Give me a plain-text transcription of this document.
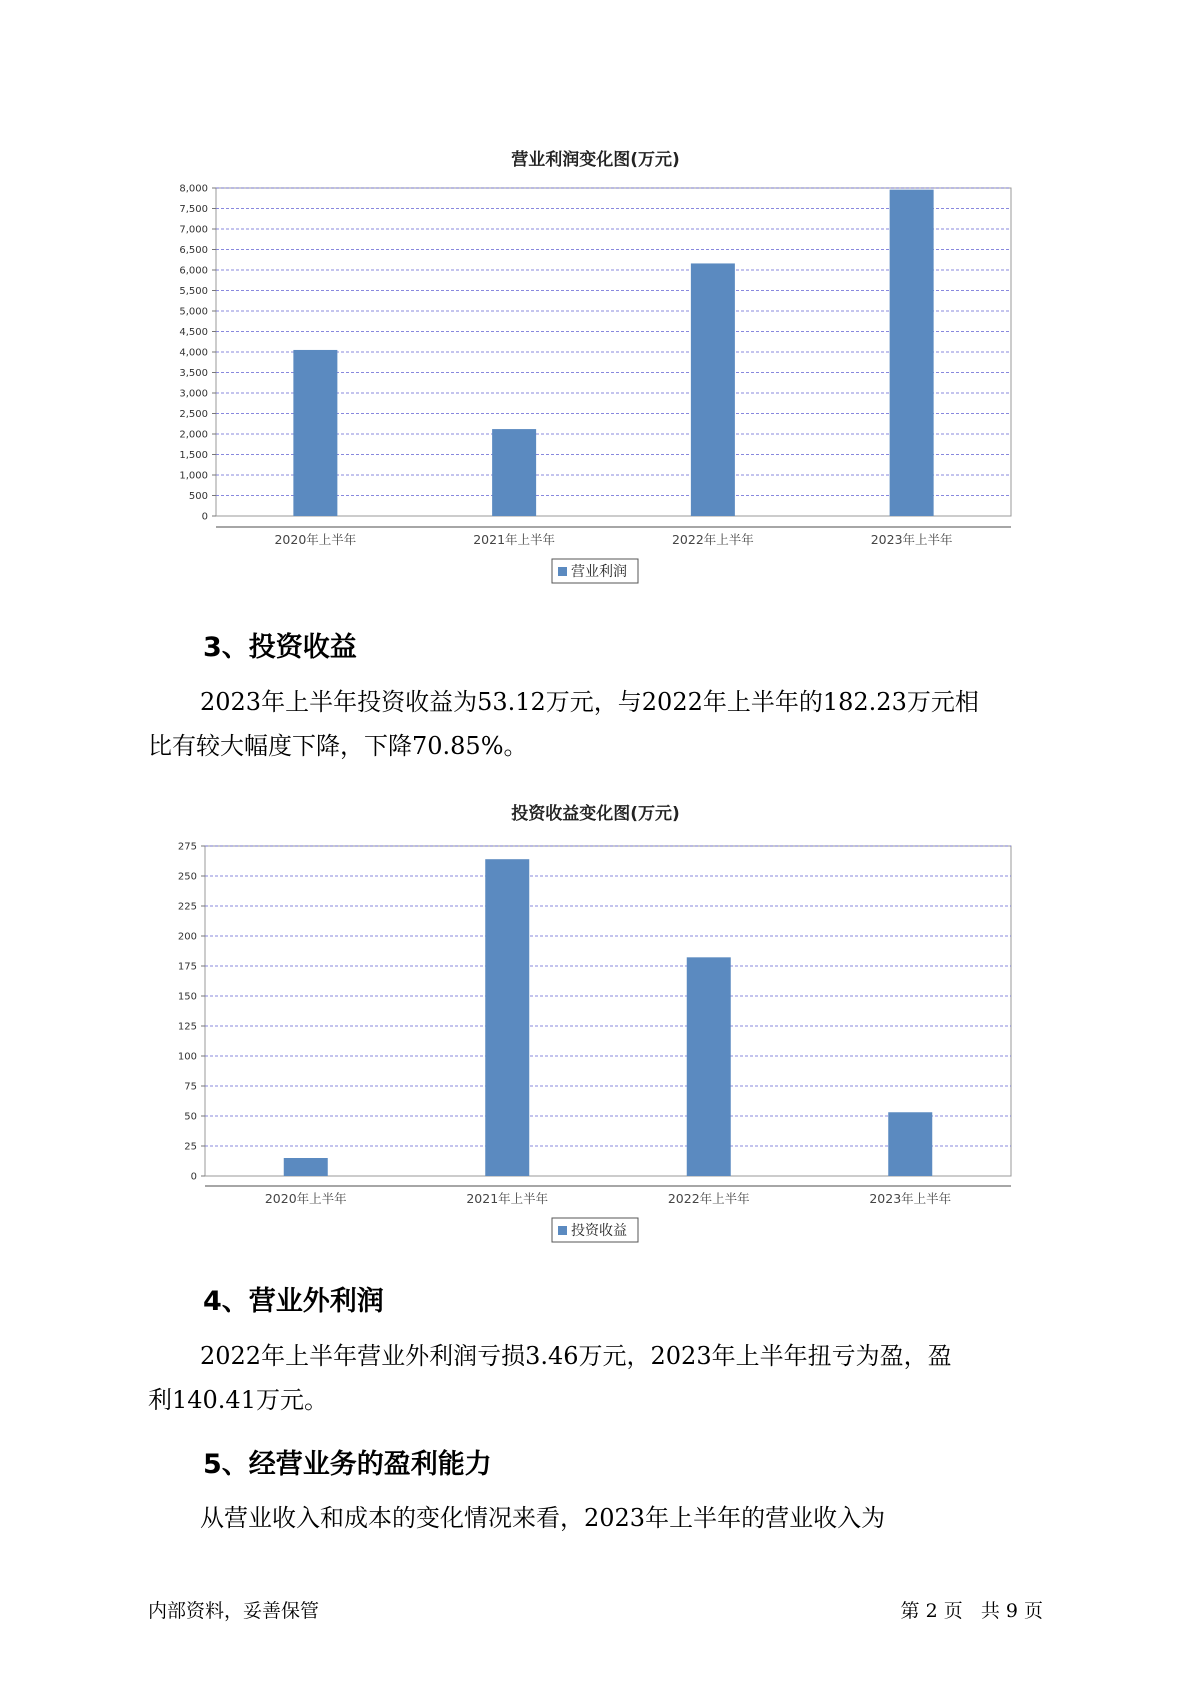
营业利润变化图(万元)
0
500
1,000
1,500
2,000
2,500
3,000
3,500
4,000
4,500
5,000
5,500
6,000
6,500
7,000
7,500
8,000
2020年上半年	2021年上半年	2022年上半年	2023年上半年
营业利润
3、投资收益
2023年上半年投资收益为53.12万元，与2022年上半年的182.23万元相
比有较大幅度下降，下降70.85%。
投资收益变化图(万元)
0
25
50
75
100
125
150
175
200
225
250
275
2020年上半年	2021年上半年	2022年上半年	2023年上半年
投资收益
4、营业外利润
2022年上半年营业外利润亏损3.46万元，2023年上半年扭亏为盈，盈
利140.41万元。
5、经营业务的盈利能力
从营业收入和成本的变化情况来看，2023年上半年的营业收入为
内部资料，妥善保管	第 2 页   共 9 页
